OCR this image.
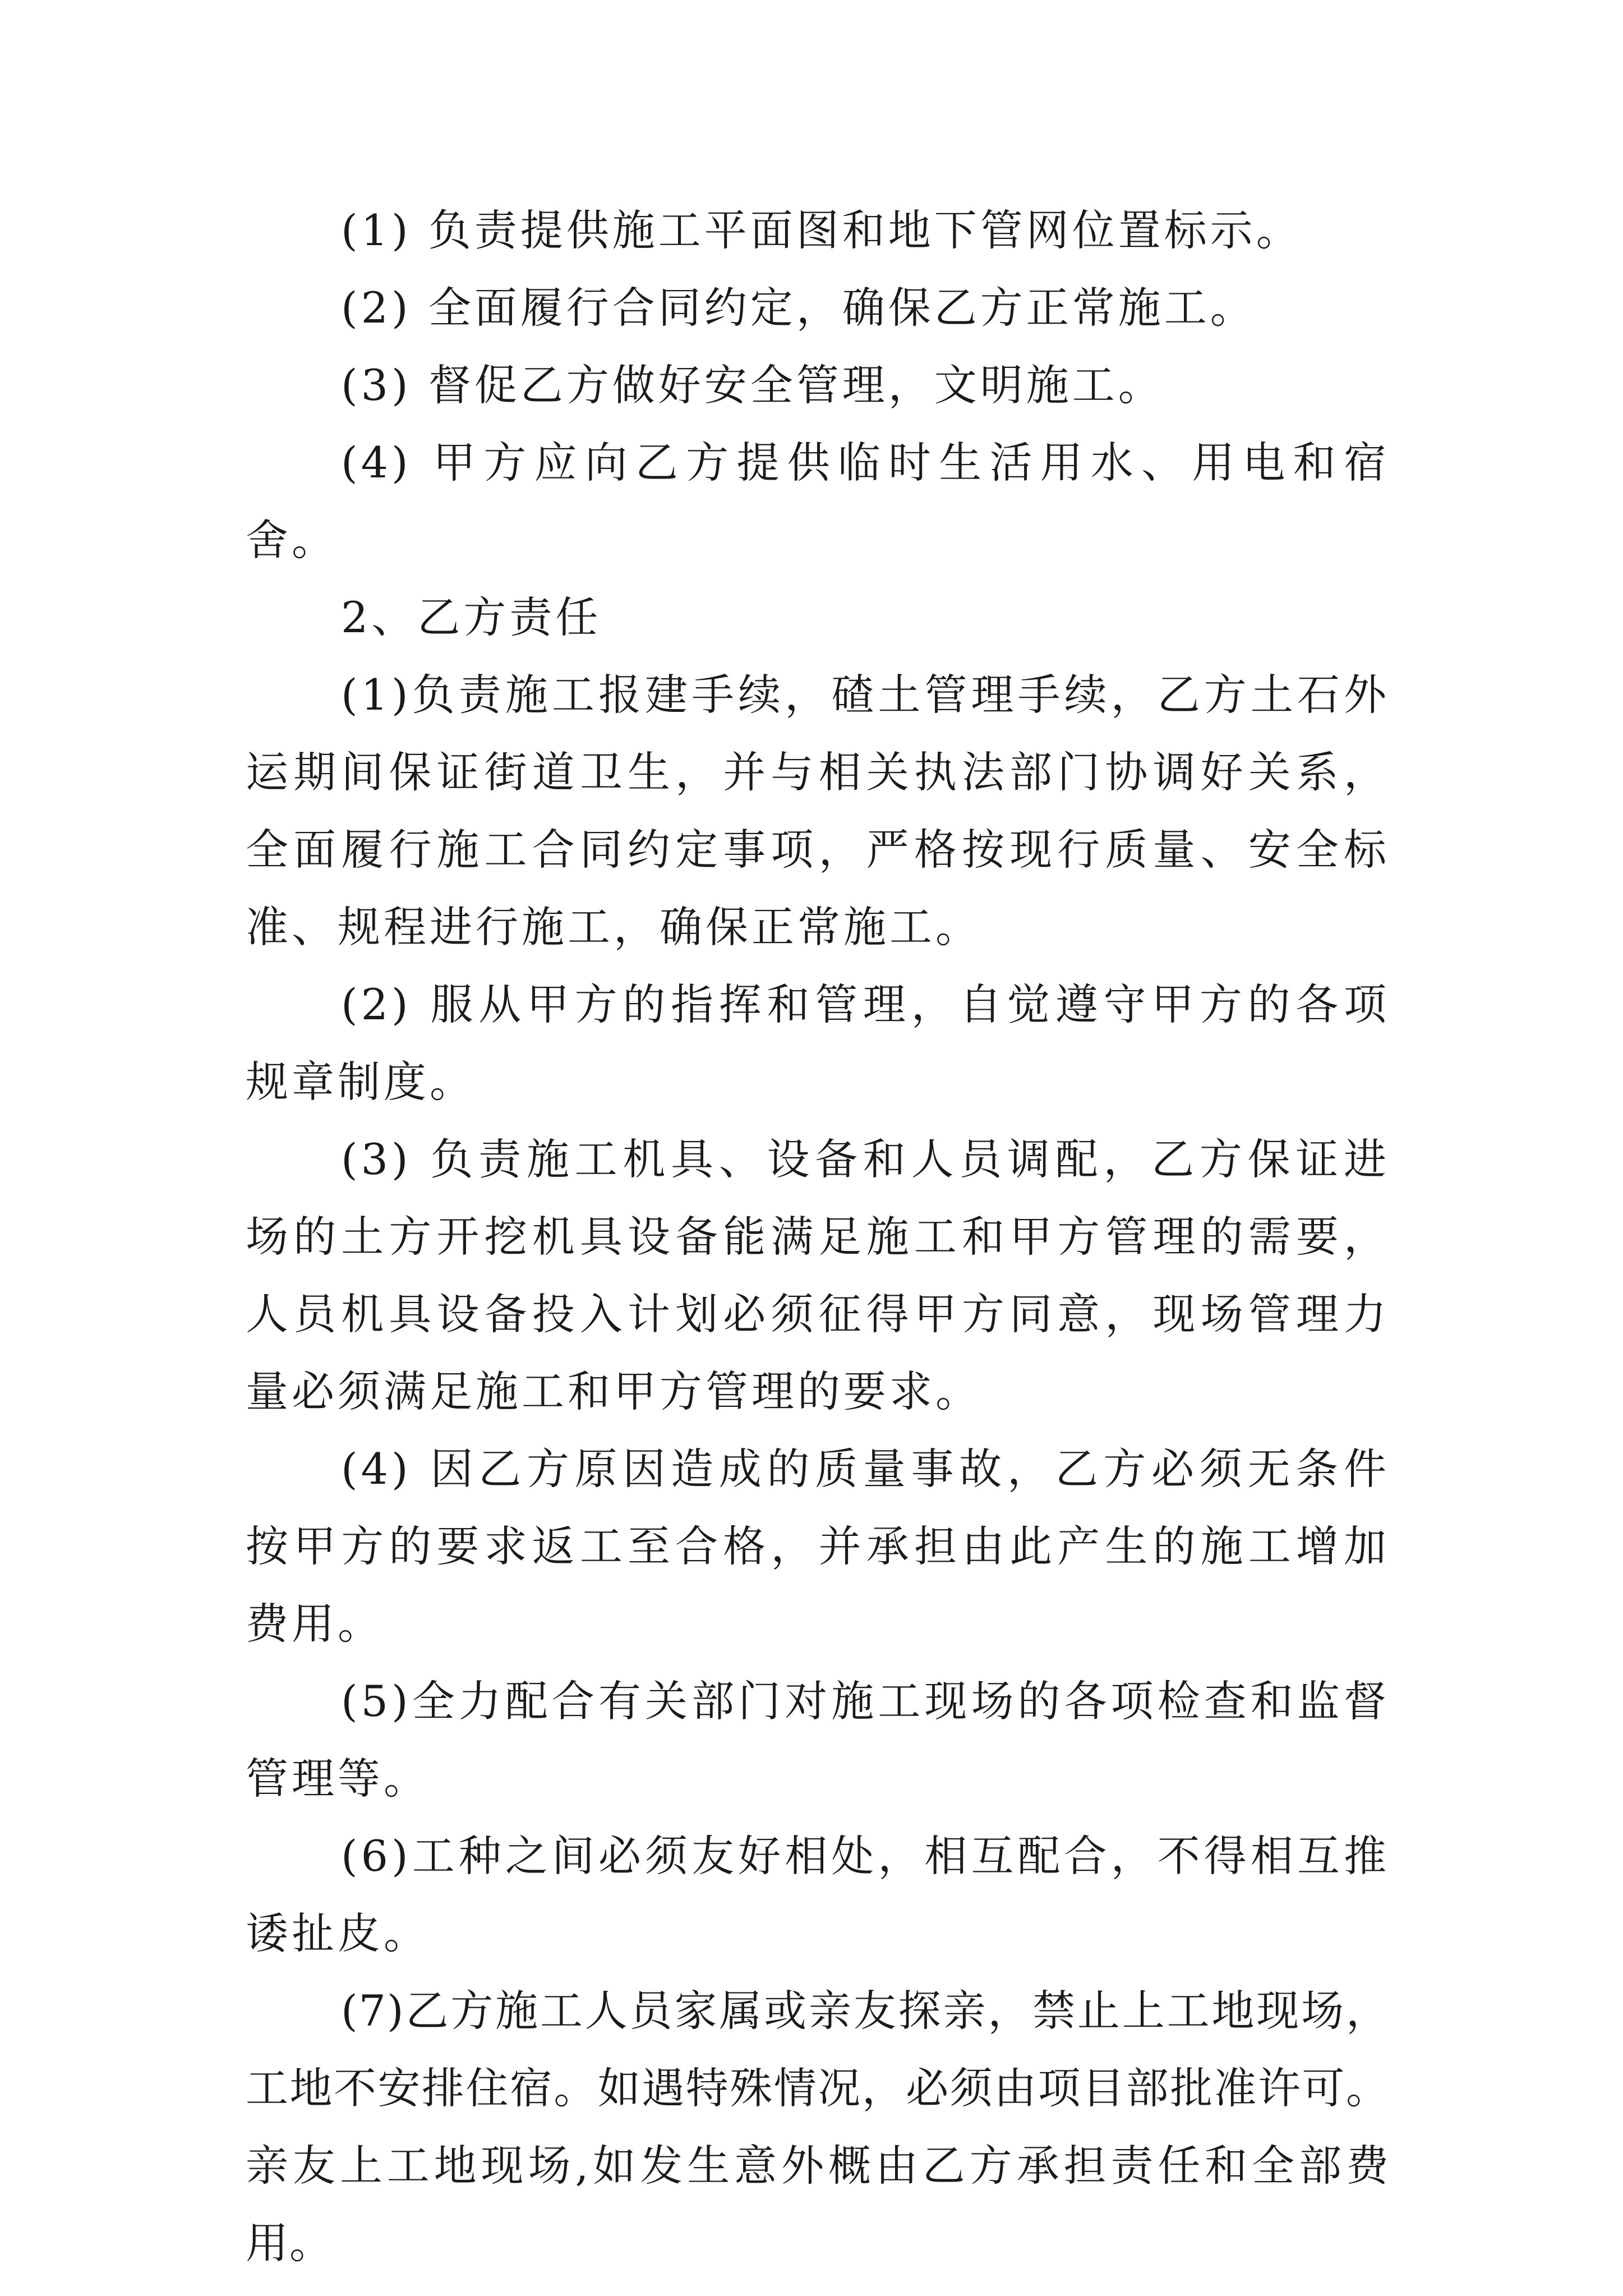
(1) 负责提供施工平面图和地下管网位置标示。

(2) 全面履行合同约定，确保乙方正常施工。

(3) 督促乙方做好安全管理，文明施工。

(4) 甲方应向乙方提供临时生活用水、用电和宿舍。

2、乙方责任

(1)负责施工报建手续，碴土管理手续，乙方土石外运期间保证街道卫生，并与相关执法部门协调好关系，全面履行施工合同约定事项，严格按现行质量、安全标准、规程进行施工，确保正常施工。

(2) 服从甲方的指挥和管理，自觉遵守甲方的各项规章制度。

(3) 负责施工机具、设备和人员调配，乙方保证进场的土方开挖机具设备能满足施工和甲方管理的需要，人员机具设备投入计划必须征得甲方同意，现场管理力量必须满足施工和甲方管理的要求。

(4) 因乙方原因造成的质量事故，乙方必须无条件按甲方的要求返工至合格，并承担由此产生的施工增加费用。

(5)全力配合有关部门对施工现场的各项检查和监督管理等。

(6)工种之间必须友好相处，相互配合，不得相互推诿扯皮。

(7)乙方施工人员家属或亲友探亲，禁止上工地现场，工地不安排住宿。如遇特殊情况，必须由项目部批准许可。亲友上工地现场,如发生意外概由乙方承担责任和全部费用。
